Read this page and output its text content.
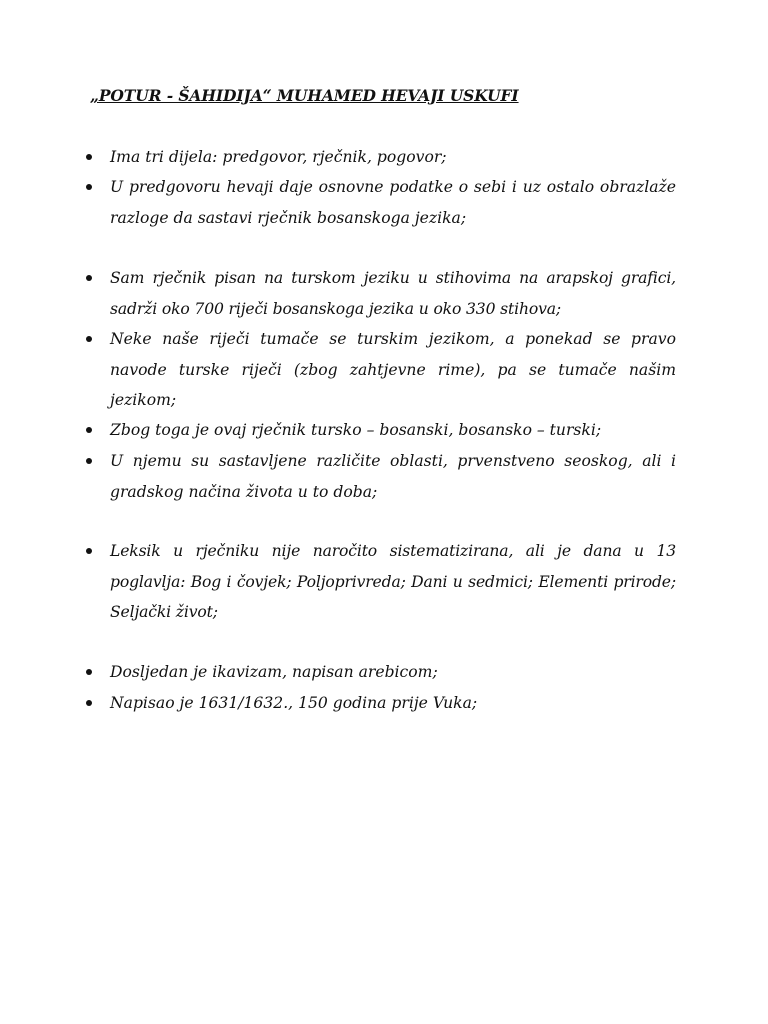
„POTUR - ŠAHIDIJA“ MUHAMED HEVAJI USKUFI
Ima tri dijela: predgovor, rječnik, pogovor;
U predgovoru hevaji daje osnovne podatke o sebi i uz ostalo obrazlaže razloge da sastavi rječnik bosanskoga jezika;
Sam rječnik pisan na turskom jeziku u stihovima na arapskoj grafici, sadrži oko 700 riječi bosanskoga jezika u oko 330 stihova;
Neke naše riječi tumače se turskim jezikom, a ponekad se pravo navode turske riječi (zbog zahtjevne rime), pa se tumače našim jezikom;
Zbog toga je ovaj rječnik tursko – bosanski, bosansko – turski;
U njemu su sastavljene različite oblasti, prvenstveno seoskog, ali i gradskog načina života u to doba;
Leksik u rječniku nije naročito sistematizirana, ali je dana u 13 poglavlja: Bog i čovjek; Poljoprivreda; Dani u sedmici; Elementi prirode; Seljački život;
Dosljedan je ikavizam, napisan arebicom;
Napisao je 1631/1632., 150 godina prije Vuka;
